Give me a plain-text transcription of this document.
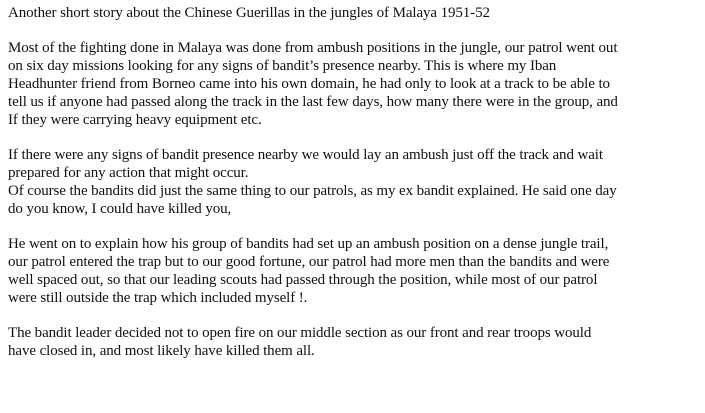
Another short story about the Chinese Guerillas in the jungles of Malaya 1951-52
Most of the fighting done in Malaya was done from ambush positions in the jungle, our patrol went out
on six day missions looking for any signs of bandit’s presence nearby. This is where my Iban
Headhunter friend from Borneo came into his own domain, he had only to look at a track to be able to
tell us if anyone had passed along the track in the last few days, how many there were in the group, and
If they were carrying heavy equipment etc.
If there were any signs of bandit presence nearby we would lay an ambush just off the track and wait
prepared for any action that might occur.
Of course the bandits did just the same thing to our patrols, as my ex bandit explained. He said one day
do you know, I could have killed you,
He went on to explain how his group of bandits had set up an ambush position on a dense jungle trail,
our patrol entered the trap but to our good fortune, our patrol had more men than the bandits and were
well spaced out, so that our leading scouts had passed through the position, while most of our patrol
were still outside the trap which included myself !.
The bandit leader decided not to open fire on our middle section as our front and rear troops would
have closed in, and most likely have killed them all.
